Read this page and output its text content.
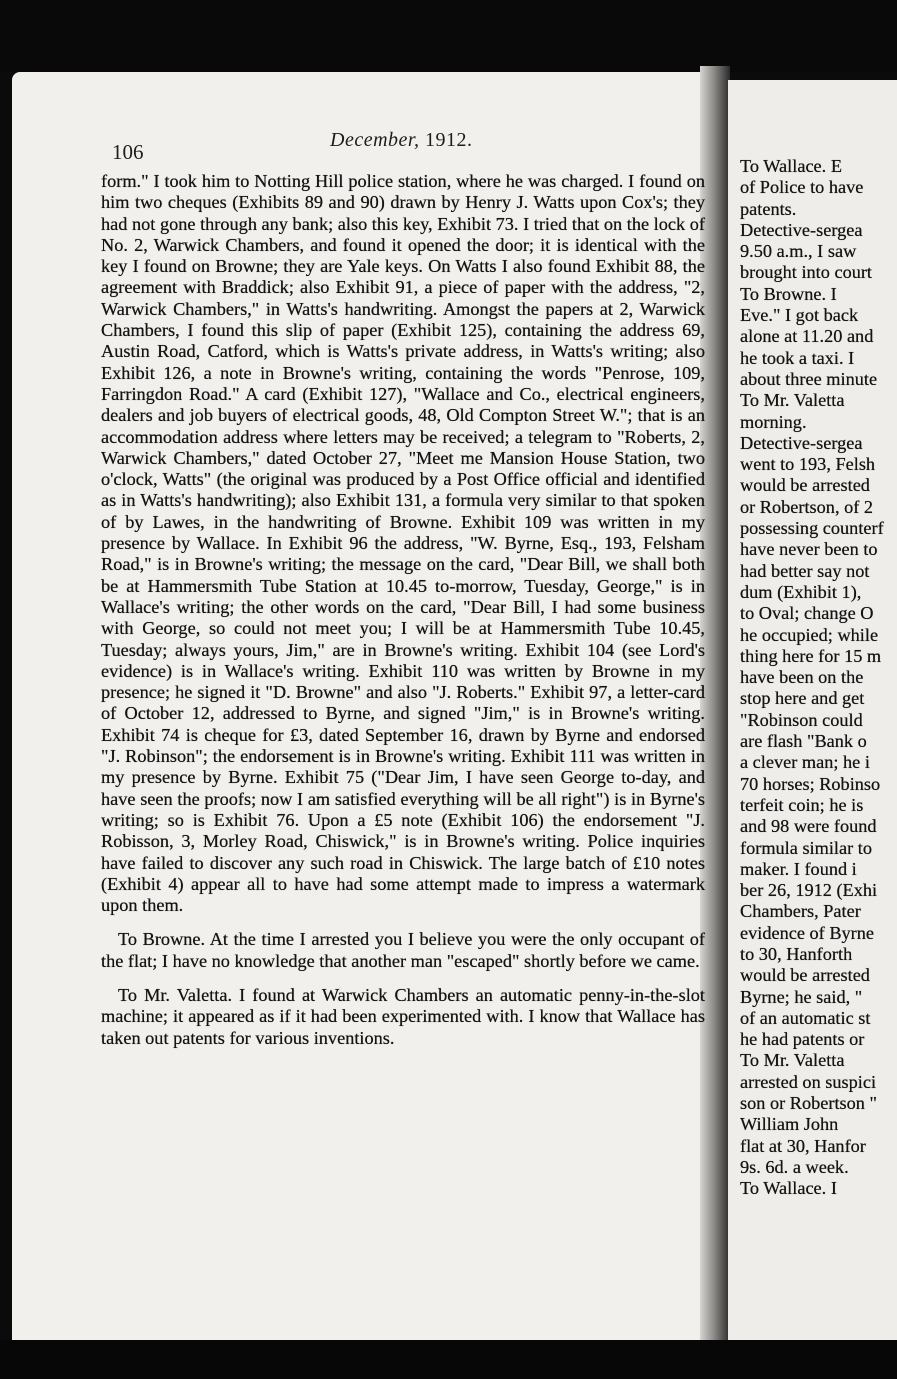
106	December, 1912.

form." I took him to Notting Hill police station, where he was charged. I found on him two cheques (Exhibits 89 and 90) drawn by Henry J. Watts upon Cox's; they had not gone through any bank; also this key, Exhibit 73. I tried that on the lock of No. 2, Warwick Chambers, and found it opened the door; it is identical with the key I found on Browne; they are Yale keys. On Watts I also found Exhibit 88, the agreement with Braddick; also Exhibit 91, a piece of paper with the address, "2, Warwick Chambers," in Watts's handwriting. Amongst the papers at 2, Warwick Chambers, I found this slip of paper (Exhibit 125), containing the address 69, Austin Road, Catford, which is Watts's private address, in Watts's writing; also Exhibit 126, a note in Browne's writing, containing the words "Penrose, 109, Farringdon Road." A card (Exhibit 127), "Wallace and Co., electrical engineers, dealers and job buyers of electrical goods, 48, Old Compton Street W."; that is an accommodation address where letters may be received; a telegram to "Roberts, 2, Warwick Chambers," dated October 27, "Meet me Mansion House Station, two o'clock, Watts" (the original was produced by a Post Office official and identified as in Watts's handwriting); also Exhibit 131, a formula very similar to that spoken of by Lawes, in the handwriting of Browne. Exhibit 109 was written in my presence by Wallace. In Exhibit 96 the address, "W. Byrne, Esq., 193, Felsham Road," is in Browne's writing; the message on the card, "Dear Bill, we shall both be at Hammersmith Tube Station at 10.45 to-morrow, Tuesday, George," is in Wallace's writing; the other words on the card, "Dear Bill, I had some business with George, so could not meet you; I will be at Hammersmith Tube 10.45, Tuesday; always yours, Jim," are in Browne's writing. Exhibit 104 (see Lord's evidence) is in Wallace's writing. Exhibit 110 was written by Browne in my presence; he signed it "D. Browne" and also "J. Roberts." Exhibit 97, a letter-card of October 12, addressed to Byrne, and signed "Jim," is in Browne's writing. Exhibit 74 is cheque for £3, dated September 16, drawn by Byrne and endorsed "J. Robinson"; the endorsement is in Browne's writing. Exhibit 111 was written in my presence by Byrne. Exhibit 75 ("Dear Jim, I have seen George to-day, and have seen the proofs; now I am satisfied everything will be all right") is in Byrne's writing; so is Exhibit 76. Upon a £5 note (Exhibit 106) the endorsement "J. Robisson, 3, Morley Road, Chiswick," is in Browne's writing. Police inquiries have failed to discover any such road in Chiswick. The large batch of £10 notes (Exhibit 4) appear all to have had some attempt made to impress a watermark upon them.

To Browne. At the time I arrested you I believe you were the only occupant of the flat; I have no knowledge that another man "escaped" shortly before we came.

To Mr. Valetta. I found at Warwick Chambers an automatic penny-in-the-slot machine; it appeared as if it had been experimented with. I know that Wallace has taken out patents for various inventions.

To Wallace. E
of Police to have
patents.
Detective-sergea
9.50 a.m., I saw
brought into court
To Browne. I
Eve." I got back
alone at 11.20 and
he took a taxi. I
about three minute
To Mr. Valetta
morning.
Detective-sergea
went to 193, Felsh
would be arrested
or Robertson, of 2
possessing counterf
have never been to
had better say not
dum (Exhibit 1),
to Oval; change O
he occupied; while
thing here for 15 m
have been on the
stop here and get
"Robinson could
are flash "Bank o
a clever man; he i
70 horses; Robinso
terfeit coin; he is
and 98 were found
formula similar to
maker. I found i
ber 26, 1912 (Exhi
Chambers, Pater
evidence of Byrne
to 30, Hanforth
would be arrested
Byrne; he said, "
of an automatic st
he had patents or
To Mr. Valetta
arrested on suspici
son or Robertson "
William John
flat at 30, Hanfor
9s. 6d. a week.
To Wallace. I
